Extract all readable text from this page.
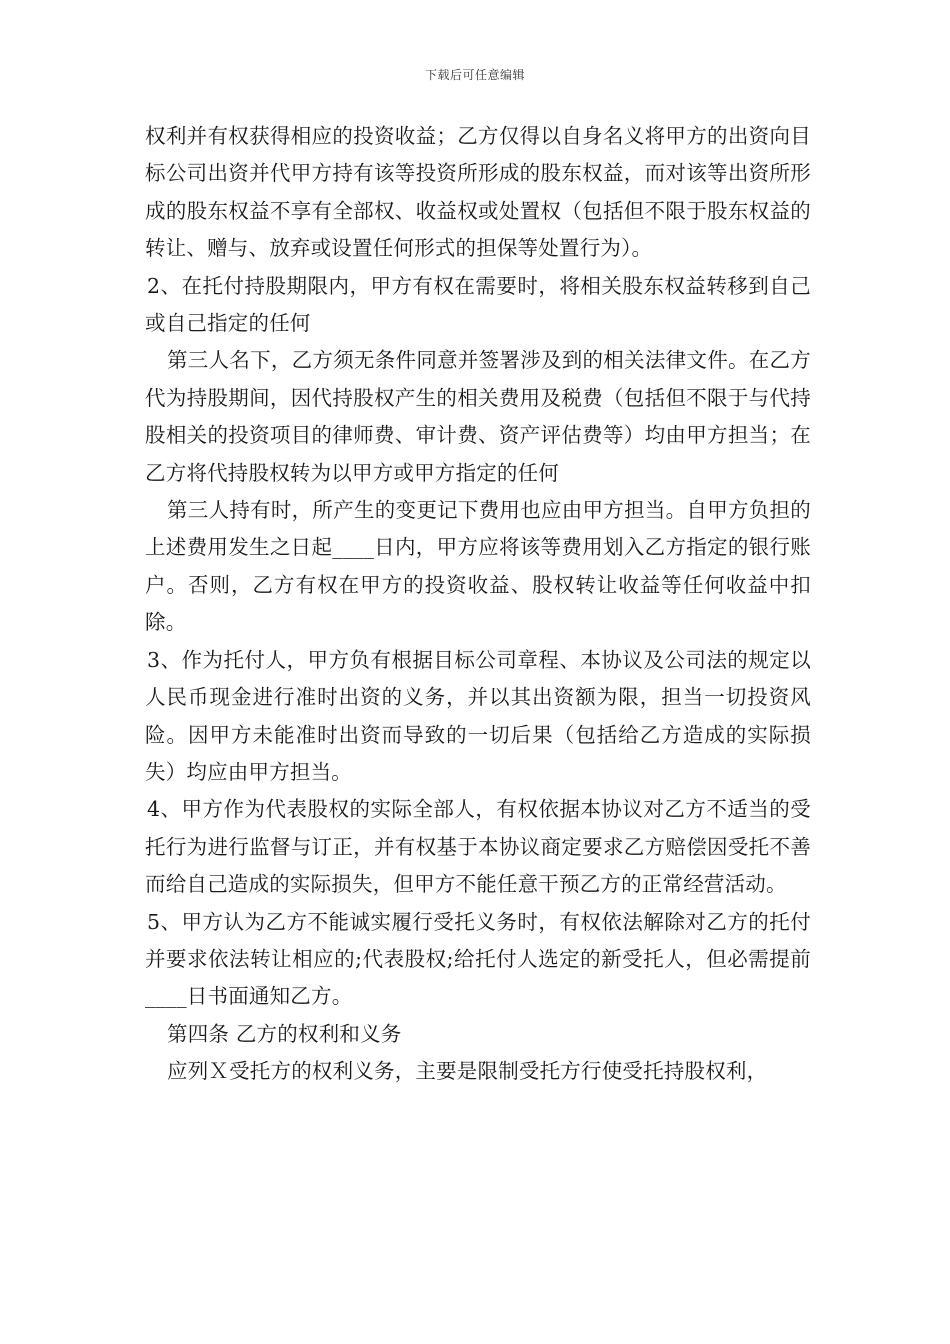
下载后可任意编辑

权利并有权获得相应的投资收益；乙方仅得以自身名义将甲方的出资向目标公司出资并代甲方持有该等投资所形成的股东权益，而对该等出资所形成的股东权益不享有全部权、收益权或处置权（包括但不限于股东权益的转让、赠与、放弃或设置任何形式的担保等处置行为）。

2、在托付持股期限内，甲方有权在需要时，将相关股东权益转移到自己或自己指定的任何

第三人名下，乙方须无条件同意并签署涉及到的相关法律文件。在乙方代为持股期间，因代持股权产生的相关费用及税费（包括但不限于与代持股相关的投资项目的律师费、审计费、资产评估费等）均由甲方担当；在乙方将代持股权转为以甲方或甲方指定的任何

第三人持有时，所产生的变更记下费用也应由甲方担当。自甲方负担的上述费用发生之日起____日内，甲方应将该等费用划入乙方指定的银行账户。否则，乙方有权在甲方的投资收益、股权转让收益等任何收益中扣除。

3、作为托付人，甲方负有根据目标公司章程、本协议及公司法的规定以人民币现金进行准时出资的义务，并以其出资额为限，担当一切投资风险。因甲方未能准时出资而导致的一切后果（包括给乙方造成的实际损失）均应由甲方担当。

4、甲方作为代表股权的实际全部人，有权依据本协议对乙方不适当的受托行为进行监督与订正，并有权基于本协议商定要求乙方赔偿因受托不善而给自己造成的实际损失，但甲方不能任意干预乙方的正常经营活动。

5、甲方认为乙方不能诚实履行受托义务时，有权依法解除对乙方的托付并要求依法转让相应的;代表股权;给托付人选定的新受托人，但必需提前____日书面通知乙方。

第四条 乙方的权利和义务

应列Ｘ受托方的权利义务，主要是限制受托方行使受托持股权利，
